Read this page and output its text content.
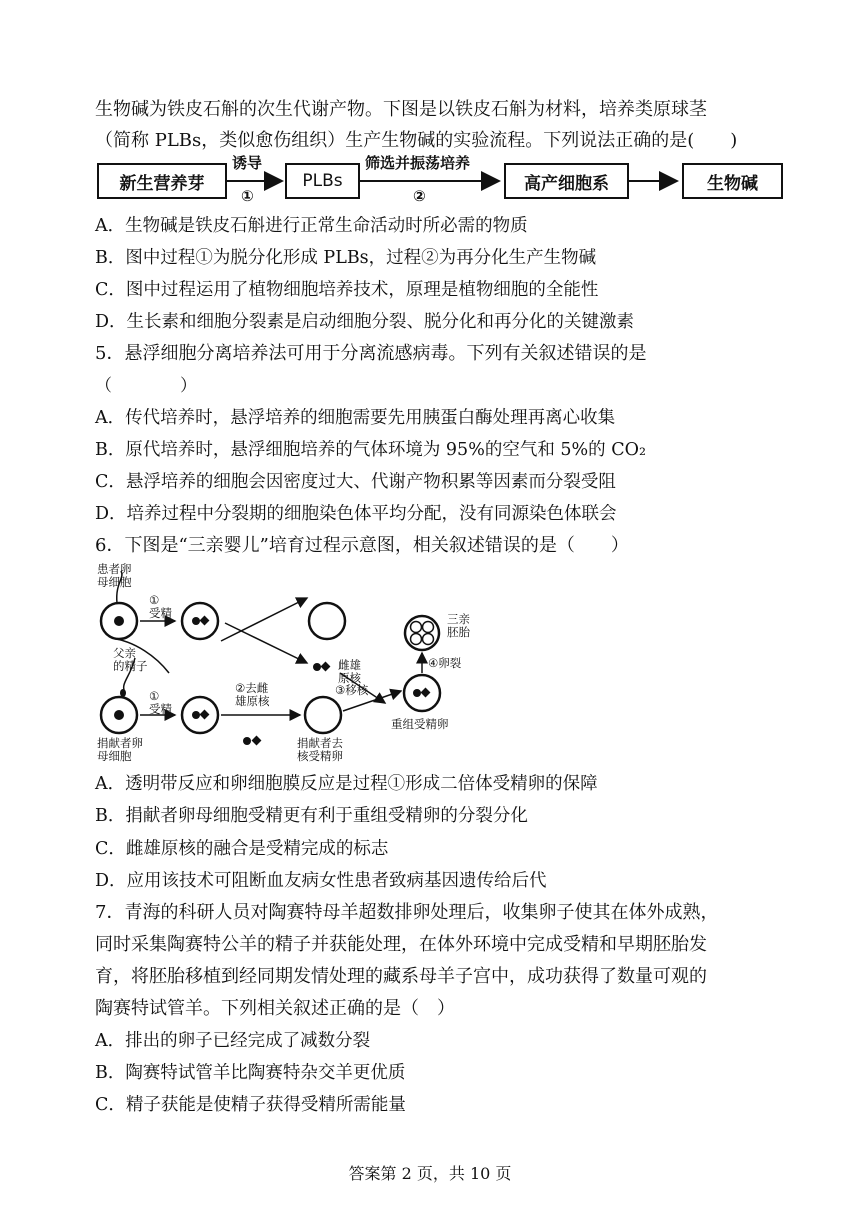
生物碱为铁皮石斛的次生代谢产物。下图是以铁皮石斛为材料，培养类原球茎
（简称 PLBs，类似愈伤组织）生产生物碱的实验流程。下列说法正确的是(　　)
新生营养芽
诱导
①
PLBs
筛选并振荡培养
②
高产细胞系	生物碱
A．生物碱是铁皮石斛进行正常生命活动时所必需的物质
B．图中过程①为脱分化形成 PLBs，过程②为再分化生产生物碱
C．图中过程运用了植物细胞培养技术，原理是植物细胞的全能性
D．生长素和细胞分裂素是启动细胞分裂、脱分化和再分化的关键激素
5．悬浮细胞分离培养法可用于分离流感病毒。下列有关叙述错误的是
（　　　　）
A．传代培养时，悬浮培养的细胞需要先用胰蛋白酶处理再离心收集
B．原代培养时，悬浮细胞培养的气体环境为 95%的空气和 5%的 CO₂
C．悬浮培养的细胞会因密度过大、代谢产物积累等因素而分裂受阻
D．培养过程中分裂期的细胞染色体平均分配，没有同源染色体联会
6．下图是“三亲婴儿”培育过程示意图，相关叙述错误的是（　　）
患者卵
母细胞
①
受精
父亲
的精子	雌雄
原核
③移核
④卵裂
三亲
胚胎
①
受精
②去雌
雄原核
捐献者卵
母细胞
捐献者去
核受精卵
重组受精卵
A．透明带反应和卵细胞膜反应是过程①形成二倍体受精卵的保障
B．捐献者卵母细胞受精更有利于重组受精卵的分裂分化
C．雌雄原核的融合是受精完成的标志
D．应用该技术可阻断血友病女性患者致病基因遗传给后代
7．青海的科研人员对陶赛特母羊超数排卵处理后，收集卵子使其在体外成熟，
同时采集陶赛特公羊的精子并获能处理，在体外环境中完成受精和早期胚胎发
育，将胚胎移植到经同期发情处理的藏系母羊子宫中，成功获得了数量可观的
陶赛特试管羊。下列相关叙述正确的是（　）
A．排出的卵子已经完成了减数分裂
B．陶赛特试管羊比陶赛特杂交羊更优质
C．精子获能是使精子获得受精所需能量
答案第 2 页，共 10 页
